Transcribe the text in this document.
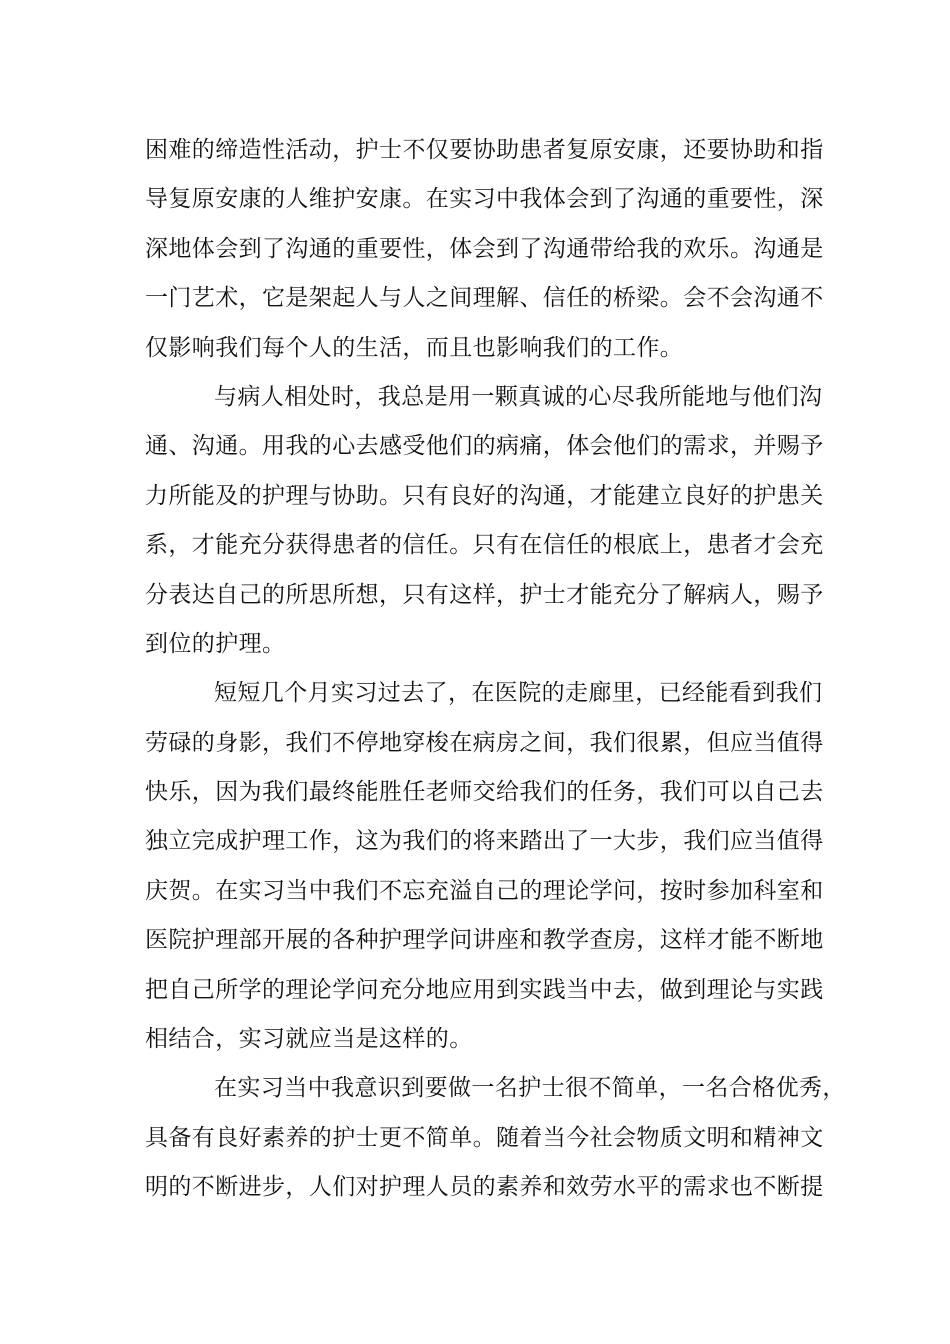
困难的缔造性活动，护士不仅要协助患者复原安康，还要协助和指
导复原安康的人维护安康。在实习中我体会到了沟通的重要性，深
深地体会到了沟通的重要性，体会到了沟通带给我的欢乐。沟通是
一门艺术，它是架起人与人之间理解、信任的桥梁。会不会沟通不
仅影响我们每个人的生活，而且也影响我们的工作。
与病人相处时，我总是用一颗真诚的心尽我所能地与他们沟
通、沟通。用我的心去感受他们的病痛，体会他们的需求，并赐予
力所能及的护理与协助。只有良好的沟通，才能建立良好的护患关
系，才能充分获得患者的信任。只有在信任的根底上，患者才会充
分表达自己的所思所想，只有这样，护士才能充分了解病人，赐予
到位的护理。
短短几个月实习过去了，在医院的走廊里，已经能看到我们
劳碌的身影，我们不停地穿梭在病房之间，我们很累，但应当值得
快乐，因为我们最终能胜任老师交给我们的任务，我们可以自己去
独立完成护理工作，这为我们的将来踏出了一大步，我们应当值得
庆贺。在实习当中我们不忘充溢自己的理论学问，按时参加科室和
医院护理部开展的各种护理学问讲座和教学查房，这样才能不断地
把自己所学的理论学问充分地应用到实践当中去，做到理论与实践
相结合，实习就应当是这样的。
在实习当中我意识到要做一名护士很不简单，一名合格优秀，
具备有良好素养的护士更不简单。随着当今社会物质文明和精神文
明的不断进步，人们对护理人员的素养和效劳水平的需求也不断提
